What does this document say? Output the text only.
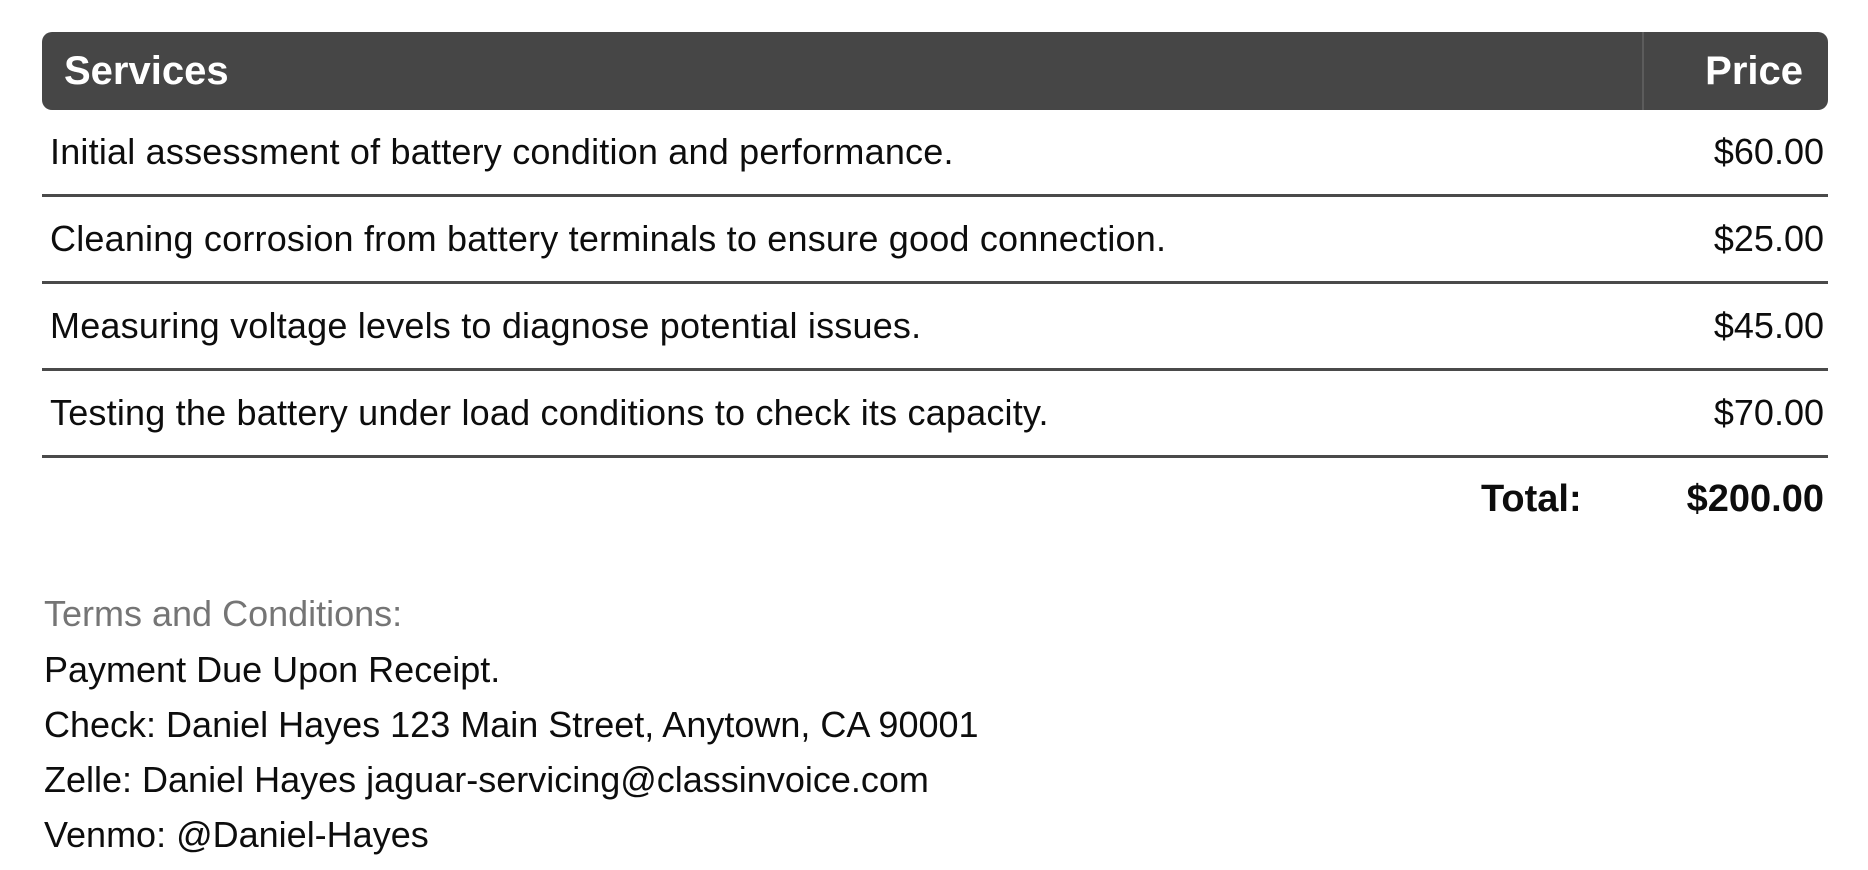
Services	Price
Initial assessment of battery condition and performance.	$60.00
Cleaning corrosion from battery terminals to ensure good connection.	$25.00
Measuring voltage levels to diagnose potential issues.	$45.00
Testing the battery under load conditions to check its capacity.	$70.00
Total:	$200.00
Terms and Conditions:
Payment Due Upon Receipt.
Check: Daniel Hayes 123 Main Street, Anytown, CA 90001
Zelle: Daniel Hayes jaguar-servicing@classinvoice.com
Venmo: @Daniel-Hayes
